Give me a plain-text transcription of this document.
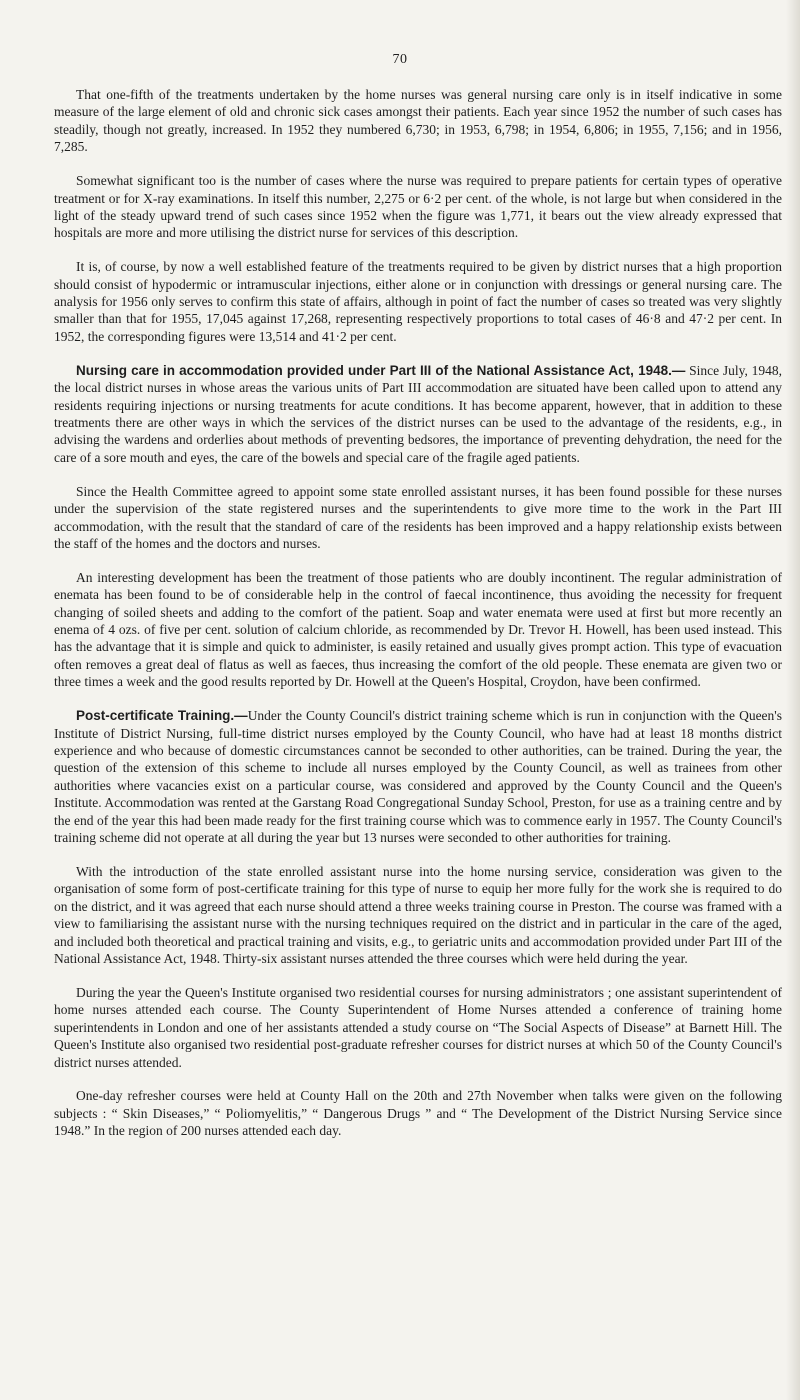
70

That one-fifth of the treatments undertaken by the home nurses was general nursing care only is in itself indicative in some measure of the large element of old and chronic sick cases amongst their patients. Each year since 1952 the number of such cases has steadily, though not greatly, increased. In 1952 they numbered 6,730; in 1953, 6,798; in 1954, 6,806; in 1955, 7,156; and in 1956, 7,285.

Somewhat significant too is the number of cases where the nurse was required to prepare patients for certain types of operative treatment or for X-ray examinations. In itself this number, 2,275 or 6·2 per cent. of the whole, is not large but when considered in the light of the steady upward trend of such cases since 1952 when the figure was 1,771, it bears out the view already expressed that hospitals are more and more utilising the district nurse for services of this description.

It is, of course, by now a well established feature of the treatments required to be given by district nurses that a high proportion should consist of hypodermic or intramuscular injections, either alone or in conjunction with dressings or general nursing care. The analysis for 1956 only serves to confirm this state of affairs, although in point of fact the number of cases so treated was very slightly smaller than that for 1955, 17,045 against 17,268, representing respectively proportions to total cases of 46·8 and 47·2 per cent. In 1952, the corresponding figures were 13,514 and 41·2 per cent.

Nursing care in accommodation provided under Part III of the National Assistance Act, 1948.— Since July, 1948, the local district nurses in whose areas the various units of Part III accommodation are situated have been called upon to attend any residents requiring injections or nursing treatments for acute conditions. It has become apparent, however, that in addition to these treatments there are other ways in which the services of the district nurses can be used to the advantage of the residents, e.g., in advising the wardens and orderlies about methods of preventing bedsores, the importance of preventing dehydration, the need for the care of a sore mouth and eyes, the care of the bowels and special care of the fragile aged patients.

Since the Health Committee agreed to appoint some state enrolled assistant nurses, it has been found possible for these nurses under the supervision of the state registered nurses and the superintendents to give more time to the work in the Part III accommodation, with the result that the standard of care of the residents has been improved and a happy relationship exists between the staff of the homes and the doctors and nurses.

An interesting development has been the treatment of those patients who are doubly incontinent. The regular administration of enemata has been found to be of considerable help in the control of faecal incontinence, thus avoiding the necessity for frequent changing of soiled sheets and adding to the comfort of the patient. Soap and water enemata were used at first but more recently an enema of 4 ozs. of five per cent. solution of calcium chloride, as recommended by Dr. Trevor H. Howell, has been used instead. This has the advantage that it is simple and quick to administer, is easily retained and usually gives prompt action. This type of evacuation often removes a great deal of flatus as well as faeces, thus increasing the comfort of the old people. These enemata are given two or three times a week and the good results reported by Dr. Howell at the Queen's Hospital, Croydon, have been confirmed.

Post-certificate Training.—Under the County Council's district training scheme which is run in conjunction with the Queen's Institute of District Nursing, full-time district nurses employed by the County Council, who have had at least 18 months district experience and who because of domestic circumstances cannot be seconded to other authorities, can be trained. During the year, the question of the extension of this scheme to include all nurses employed by the County Council, as well as trainees from other authorities where vacancies exist on a particular course, was considered and approved by the County Council and the Queen's Institute. Accommodation was rented at the Garstang Road Congregational Sunday School, Preston, for use as a training centre and by the end of the year this had been made ready for the first training course which was to commence early in 1957. The County Council's training scheme did not operate at all during the year but 13 nurses were seconded to other authorities for training.

With the introduction of the state enrolled assistant nurse into the home nursing service, consideration was given to the organisation of some form of post-certificate training for this type of nurse to equip her more fully for the work she is required to do on the district, and it was agreed that each nurse should attend a three weeks training course in Preston. The course was framed with a view to familiarising the assistant nurse with the nursing techniques required on the district and in particular in the care of the aged, and included both theoretical and practical training and visits, e.g., to geriatric units and accommodation provided under Part III of the National Assistance Act, 1948. Thirty-six assistant nurses attended the three courses which were held during the year.

During the year the Queen's Institute organised two residential courses for nursing administrators ; one assistant superintendent of home nurses attended each course. The County Superintendent of Home Nurses attended a conference of training home superintendents in London and one of her assistants attended a study course on “The Social Aspects of Disease” at Barnett Hill. The Queen's Institute also organised two residential post-graduate refresher courses for district nurses at which 50 of the County Council's district nurses attended.

One-day refresher courses were held at County Hall on the 20th and 27th November when talks were given on the following subjects : “ Skin Diseases,” “ Poliomyelitis,” “ Dangerous Drugs ” and “ The Development of the District Nursing Service since 1948.” In the region of 200 nurses attended each day.
